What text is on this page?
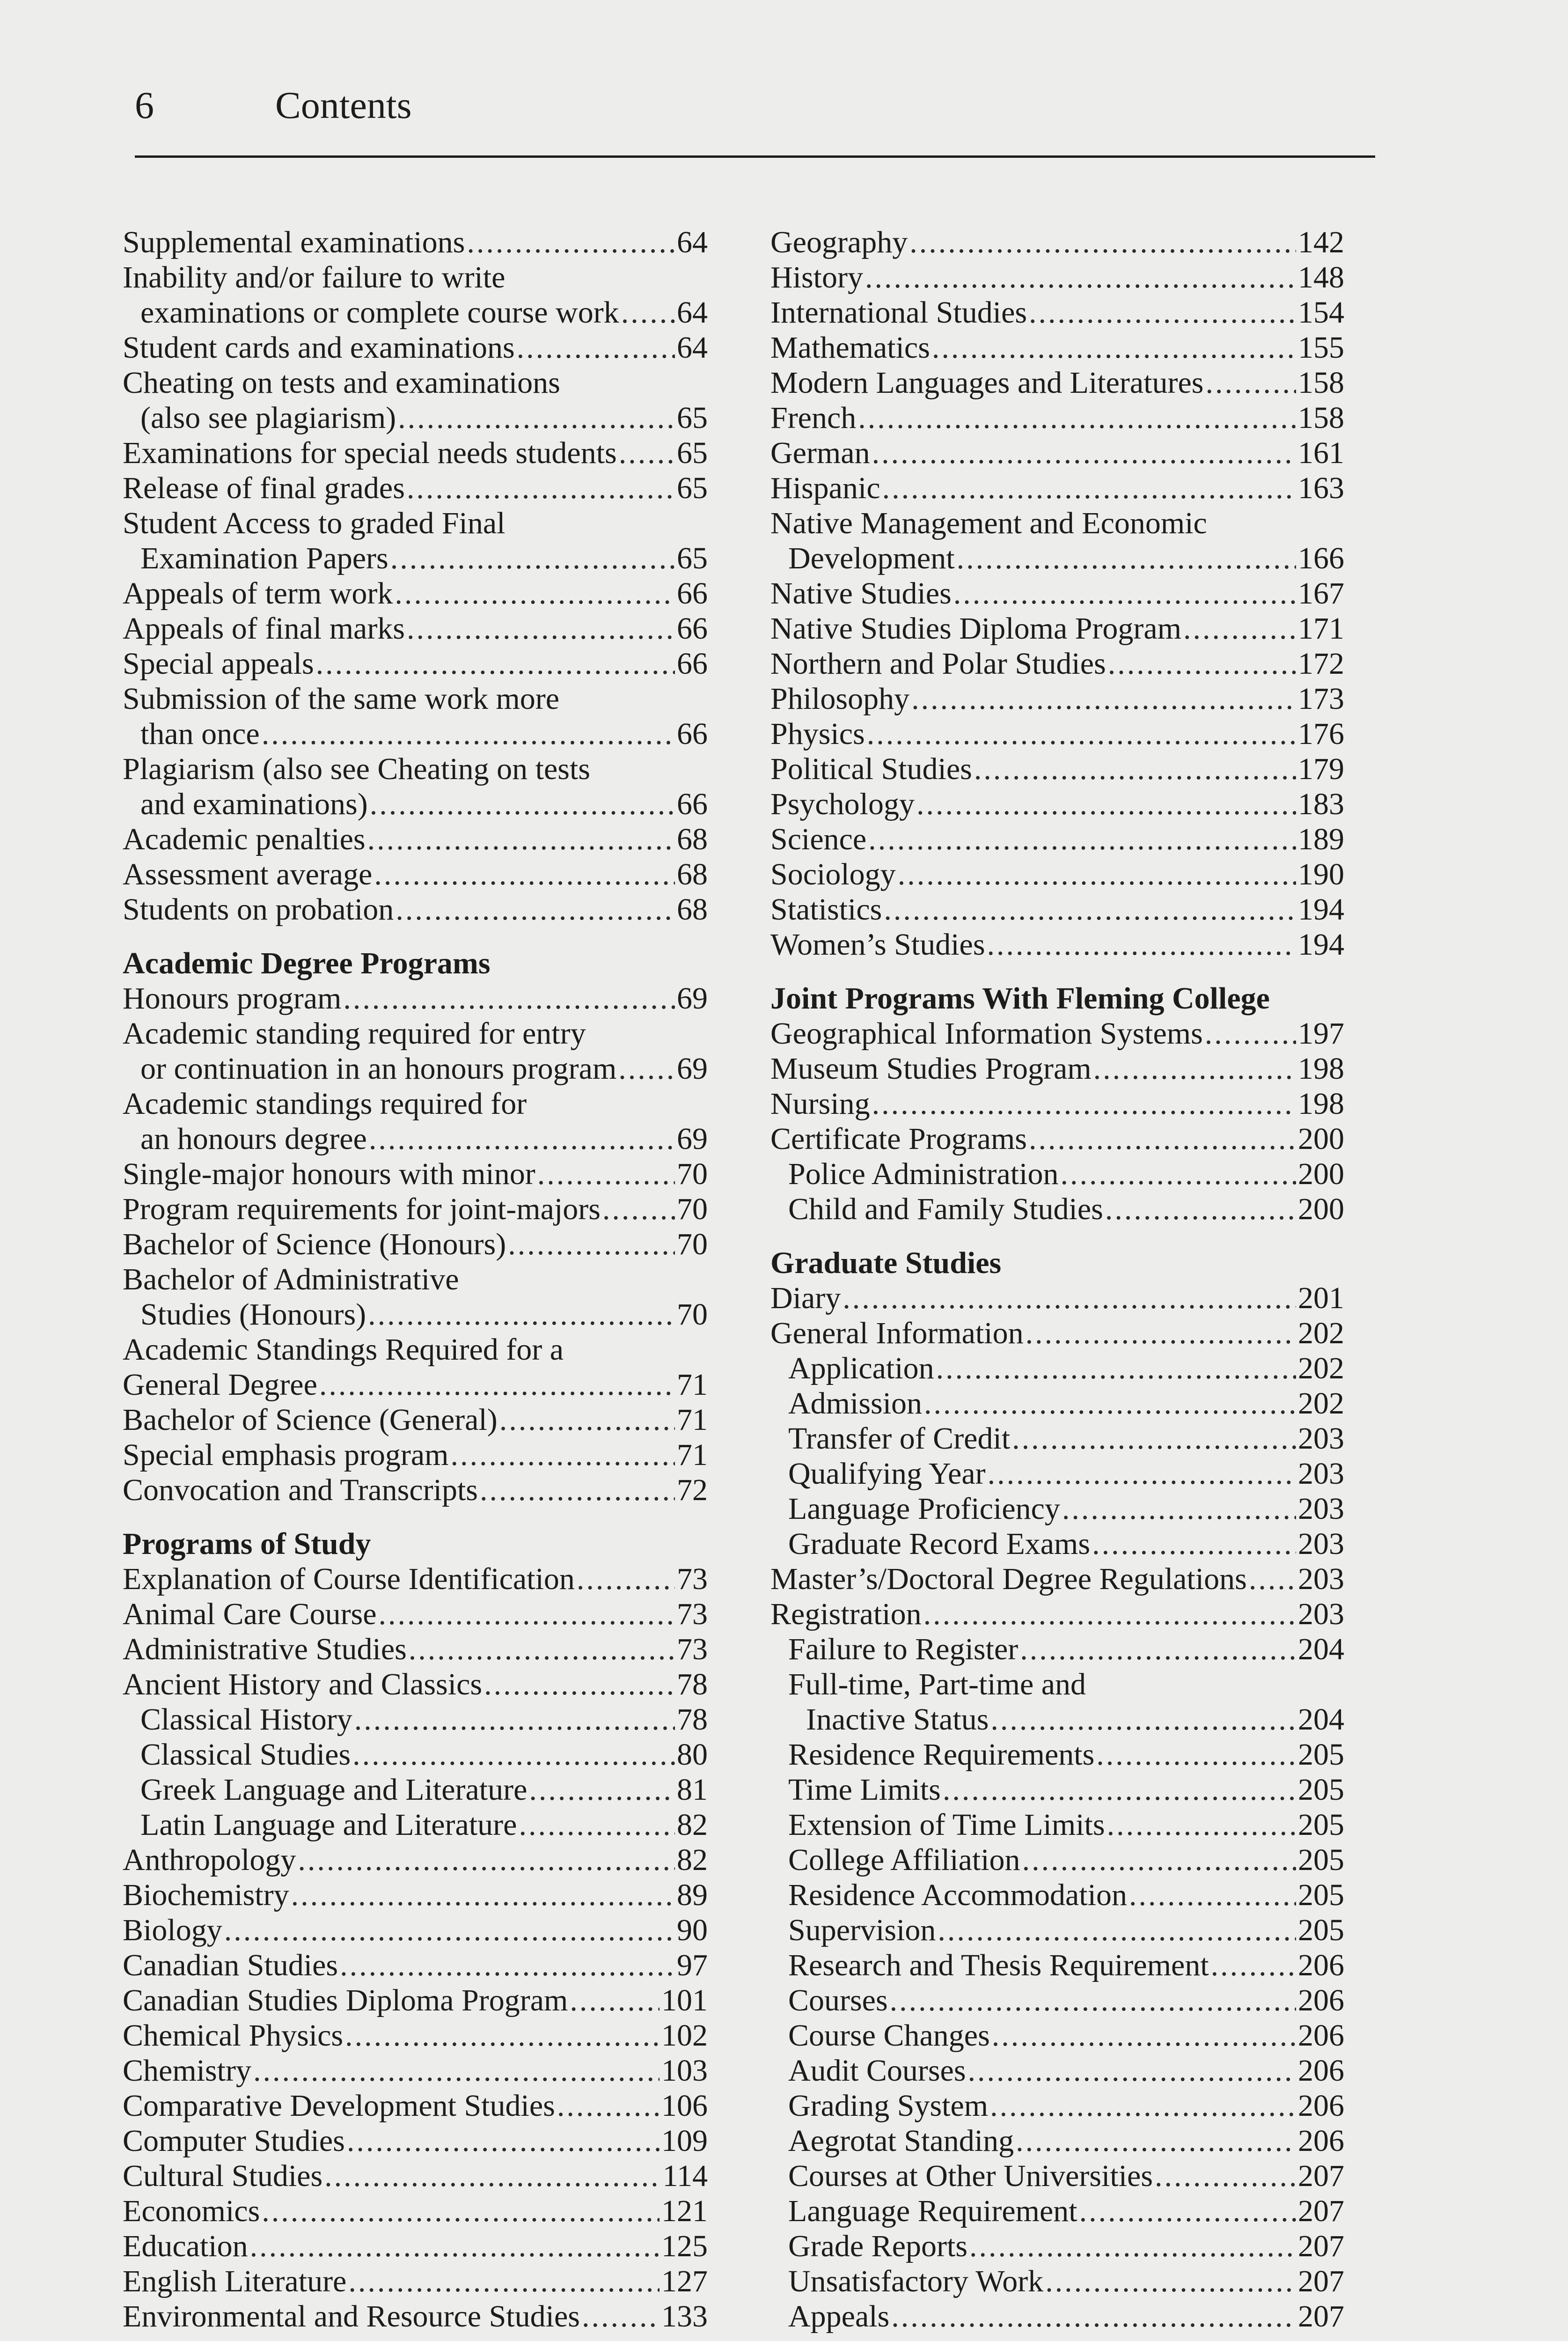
6	Contents
Supplemental examinations .....	64
Inability and/or failure to write
examinations or complete course work ..... 64
Student cards and examinations .....	64
Cheating on tests and examinations
(also see plagiarism) .....	65
Examinations for special needs students ..... 65
Release of final grades .....	65
Student Access to graded Final
Examination Papers .....	65
Appeals of term work .....	66
Appeals of final marks .....	66
Special appeals .....	66
Submission of the same work more
than once .....	66
Plagiarism (also see Cheating on tests
and examinations) .....	66
Academic penalties .....	68
Assessment average .....	68
Students on probation .....	68
Academic Degree Programs
Honours program .....	69
Academic standing required for entry
or continuation in an honours program ..... 69
Academic standings required for
an honours degree .....	69
Single-major honours with minor .....	70
Program requirements for joint-majors ..... 70
Bachelor of Science (Honours) .....	70
Bachelor of Administrative
Studies (Honours) .....	70
Academic Standings Required for a
General Degree .....	71
Bachelor of Science (General) .....	71
Special emphasis program .....	71
Convocation and Transcripts .....	72
Programs of Study
Explanation of Course Identification .....	73
Animal Care Course .....	73
Administrative Studies .....	73
Ancient History and Classics .....	78
Classical History .....	78
Classical Studies .....	80
Greek Language and Literature .....	81
Latin Language and Literature .....	82
Anthropology .....	82
Biochemistry .....	89
Biology .....	90
Canadian Studies .....	97
Canadian Studies Diploma Program .....	101
Chemical Physics .....	102
Chemistry .....	103
Comparative Development Studies .....	106
Computer Studies .....	109
Cultural Studies .....	114
Economics .....	121
Education .....	125
English Literature .....	127
Environmental and Resource Studies .....	133
Geography .....	142
History .....	148
International Studies .....	154
Mathematics .....	155
Modern Languages and Literatures .....	158
French .....	158
German .....	161
Hispanic .....	163
Native Management and Economic
Development .....	166
Native Studies .....	167
Native Studies Diploma Program .....	171
Northern and Polar Studies .....	172
Philosophy .....	173
Physics .....	176
Political Studies .....	179
Psychology .....	183
Science .....	189
Sociology .....	190
Statistics .....	194
Women’s Studies .....	194
Joint Programs With Fleming College
Geographical Information Systems .....	197
Museum Studies Program .....	198
Nursing .....	198
Certificate Programs .....	200
Police Administration .....	200
Child and Family Studies .....	200
Graduate Studies
Diary .....	201
General Information .....	202
Application .....	202
Admission .....	202
Transfer of Credit .....	203
Qualifying Year .....	203
Language Proficiency .....	203
Graduate Record Exams .....	203
Master’s/Doctoral Degree Regulations ..... 203
Registration .....	203
Failure to Register .....	204
Full-time, Part-time and
Inactive Status .....	204
Residence Requirements .....	205
Time Limits .....	205
Extension of Time Limits .....	205
College Affiliation .....	205
Residence Accommodation .....	205
Supervision .....	205
Research and Thesis Requirement .....	206
Courses .....	206
Course Changes .....	206
Audit Courses .....	206
Grading System .....	206
Aegrotat Standing .....	206
Courses at Other Universities .....	207
Language Requirement .....	207
Grade Reports .....	207
Unsatisfactory Work .....	207
Appeals .....	207
